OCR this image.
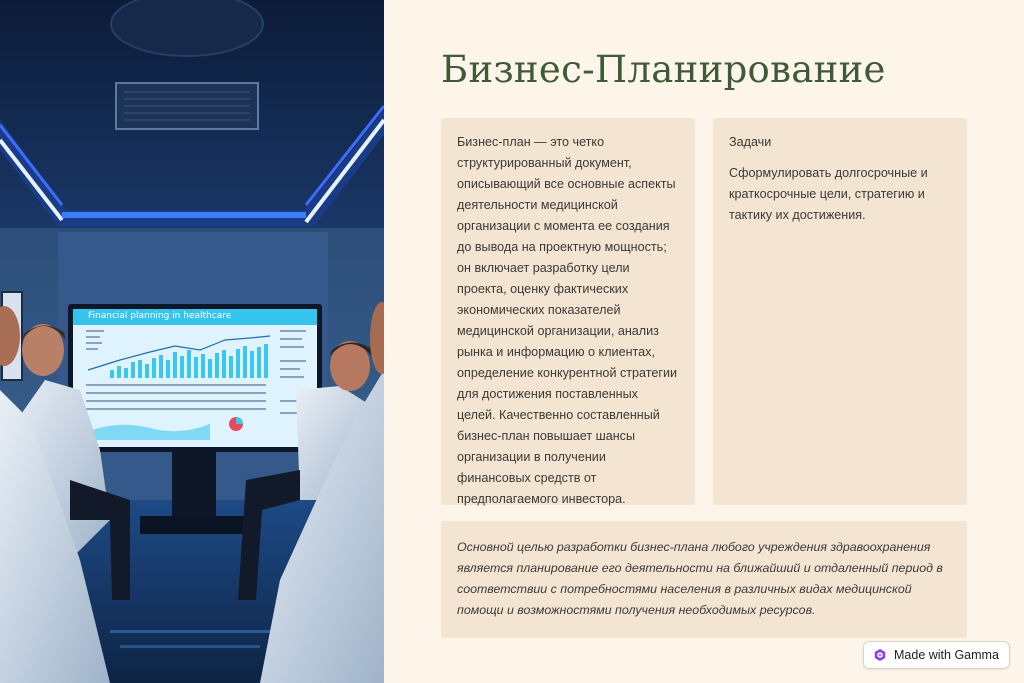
Financial planning in healthcare
Бизнес-Планирование

Бизнес-план — это четко структурированный документ, описывающий все основные аспекты деятельности медицинской организации с момента ее создания до вывода на проектную мощность; он включает разработку цели проекта, оценку фактических экономических показателей медицинской организации, анализ рынка и информацию о клиентах, определение конкурентной стратегии для достижения поставленных целей. Качественно составленный бизнес-план повышает шансы организации в получении финансовых средств от предполагаемого инвестора.

Задачи

Сформулировать долгосрочные и краткосрочные цели, стратегию и тактику их достижения.

Основной целью разработки бизнес-плана любого учреждения здравоохранения является планирование его деятельности на ближайший и отдаленный период в соответствии с потребностями населения в различных видах медицинской помощи и возможностями получения необходимых ресурсов.

Made with Gamma
